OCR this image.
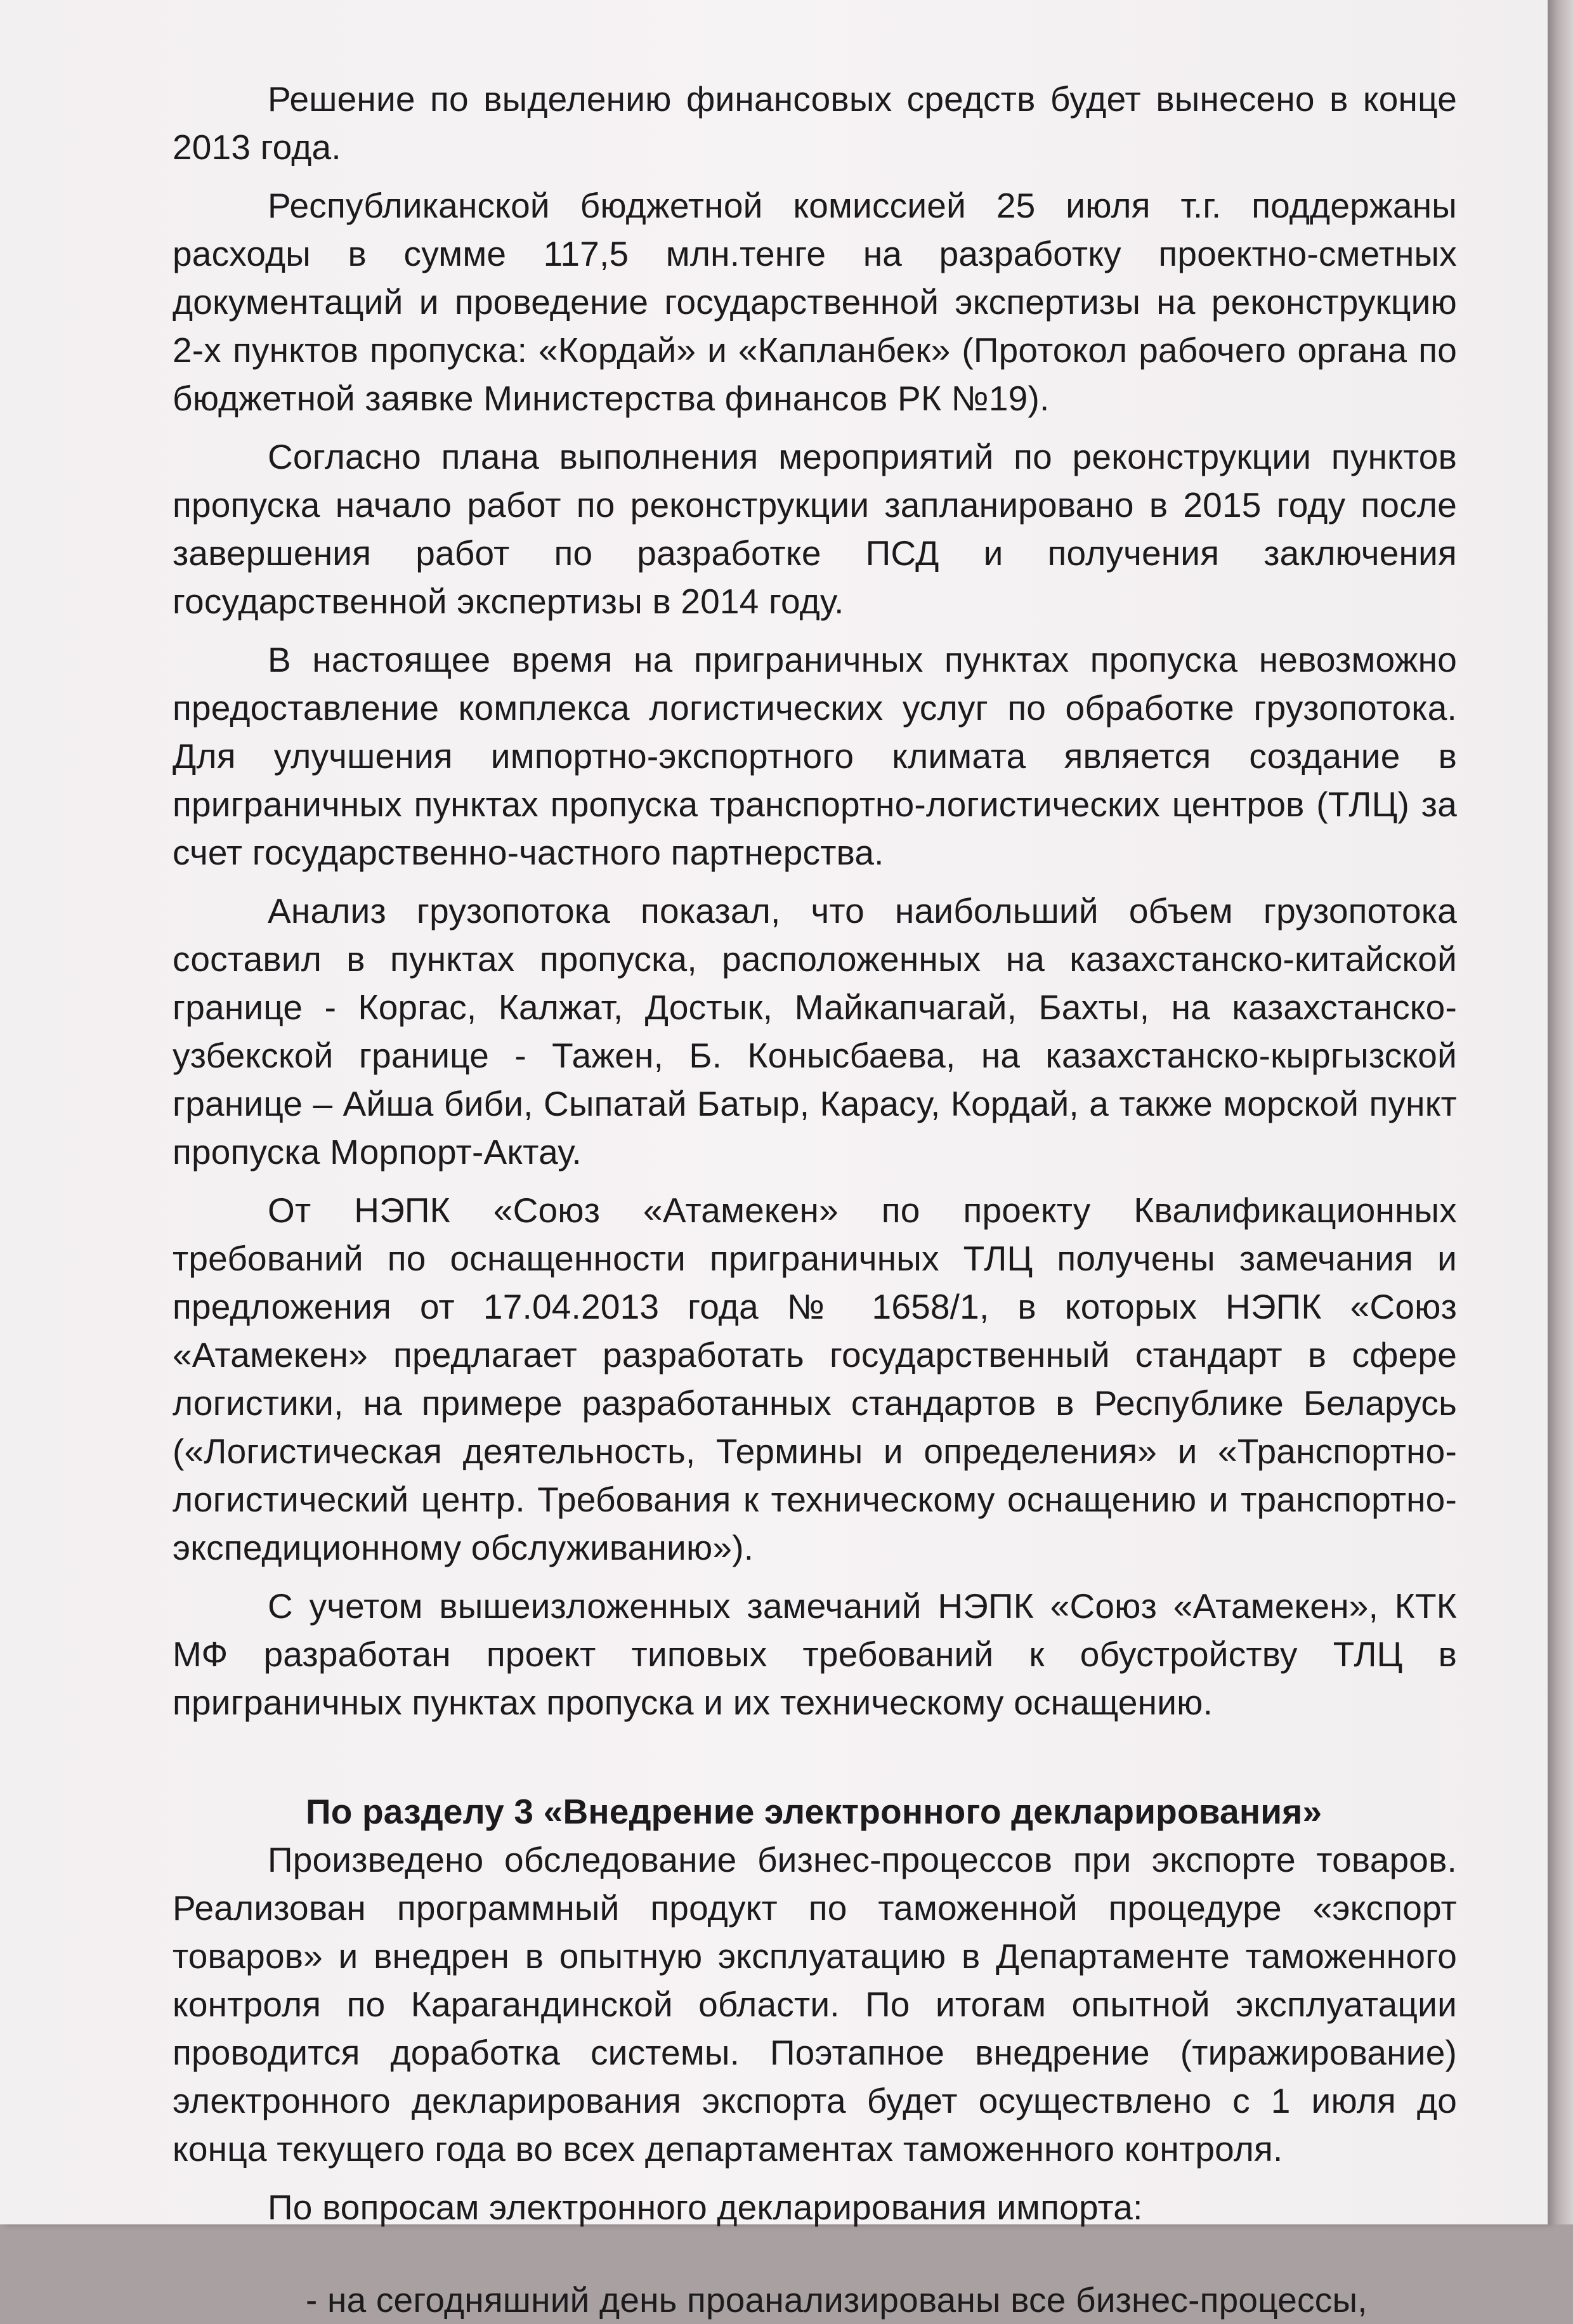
Решение по выделению финансовых средств будет вынесено в конце 2013 года.

Республиканской бюджетной комиссией 25 июля т.г. поддержаны расходы в сумме 117,5 млн.тенге на разработку проектно-сметных документаций и проведение государственной экспертизы на реконструкцию 2-х пунктов пропуска: «Кордай» и «Капланбек» (Протокол рабочего органа по бюджетной заявке Министерства финансов РК №19).

Согласно плана выполнения мероприятий по реконструкции пунктов пропуска начало работ по реконструкции запланировано в 2015 году после завершения работ по разработке ПСД и получения заключения государственной экспертизы в 2014 году.

В настоящее время на приграничных пунктах пропуска невозможно предоставление комплекса логистических услуг по обработке грузопотока. Для улучшения импортно-экспортного климата является создание в приграничных пунктах пропуска транспортно-логистических центров (ТЛЦ) за счет государственно-частного партнерства.

Анализ грузопотока показал, что наибольший объем грузопотока составил в пунктах пропуска, расположенных на казахстанско-китайской границе - Коргас, Калжат, Достык, Майкапчагай, Бахты, на казахстанско-узбекской границе - Тажен, Б. Конысбаева, на казахстанско-кыргызской границе – Айша биби, Сыпатай Батыр, Карасу, Кордай, а также морской пункт пропуска Морпорт-Актау.

От НЭПК «Союз «Атамекен» по проекту Квалификационных требований по оснащенности приграничных ТЛЦ получены замечания и предложения от 17.04.2013 года № 1658/1, в которых НЭПК «Союз «Атамекен» предлагает разработать государственный стандарт в сфере логистики, на примере разработанных стандартов в Республике Беларусь («Логистическая деятельность, Термины и определения» и «Транспортно-логистический центр. Требования к техническому оснащению и транспортно-экспедиционному обслуживанию»).

С учетом вышеизложенных замечаний НЭПК «Союз «Атамекен», КТК МФ разработан проект типовых требований к обустройству ТЛЦ в приграничных пунктах пропуска и их техническому оснащению.

По разделу 3 «Внедрение электронного декларирования»

Произведено обследование бизнес-процессов при экспорте товаров. Реализован программный продукт по таможенной процедуре «экспорт товаров» и внедрен в опытную эксплуатацию в Департаменте таможенного контроля по Карагандинской области. По итогам опытной эксплуатации проводится доработка системы. Поэтапное внедрение (тиражирование) электронного декларирования экспорта будет осуществлено с 1 июля до конца текущего года во всех департаментах таможенного контроля.

По вопросам электронного декларирования импорта:

- на сегодняшний день проанализированы все бизнес-процессы,
